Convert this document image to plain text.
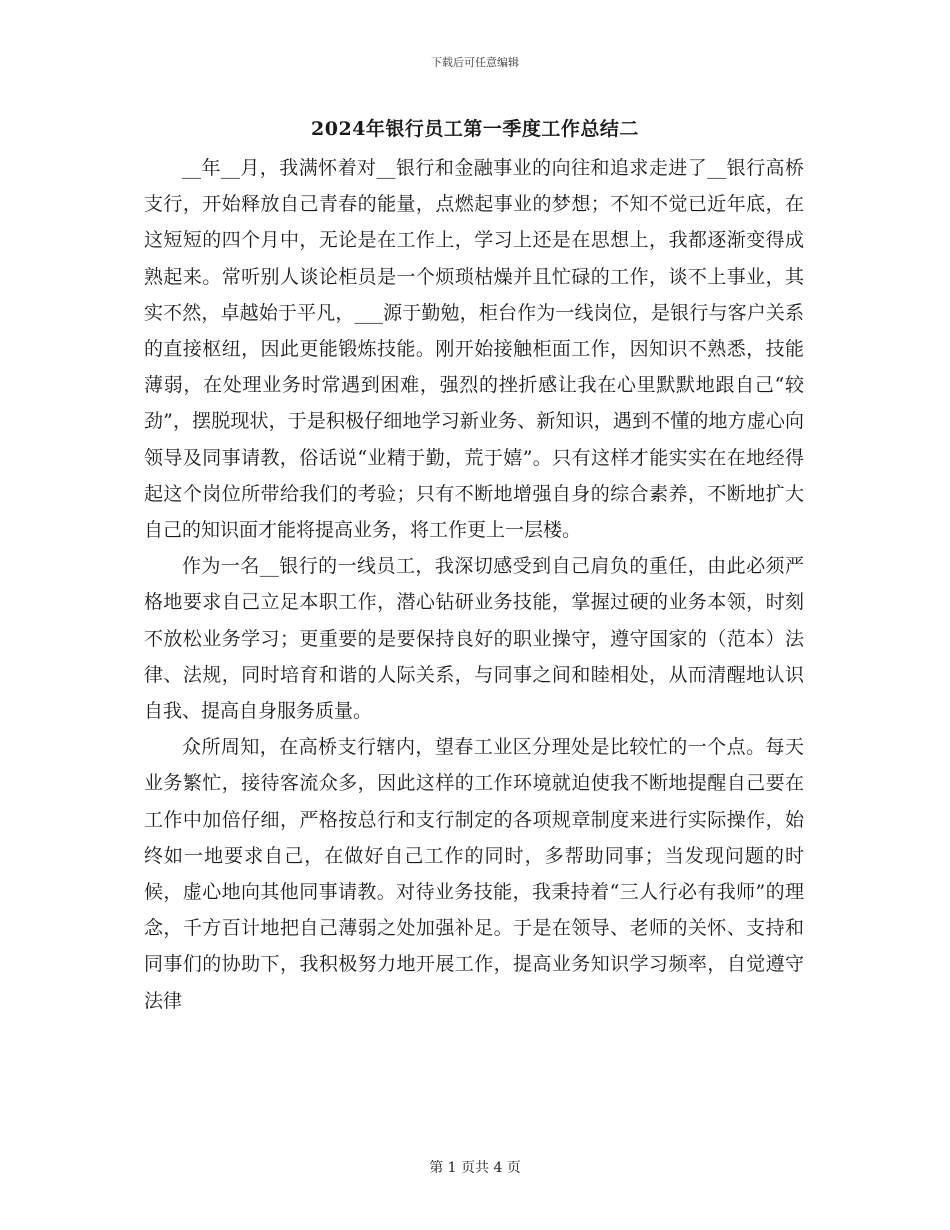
下载后可任意编辑
2024年银行员工第一季度工作总结二

__年__月，我满怀着对__银行和金融事业的向往和追求走进了__银行高桥支行，开始释放自己青春的能量，点燃起事业的梦想；不知不觉已近年底，在这短短的四个月中，无论是在工作上，学习上还是在思想上，我都逐渐变得成熟起来。常听别人谈论柜员是一个烦琐枯燥并且忙碌的工作，谈不上事业，其实不然，卓越始于平凡，___源于勤勉，柜台作为一线岗位，是银行与客户关系的直接枢纽，因此更能锻炼技能。刚开始接触柜面工作，因知识不熟悉，技能薄弱，在处理业务时常遇到困难，强烈的挫折感让我在心里默默地跟自己“较劲”，摆脱现状，于是积极仔细地学习新业务、新知识，遇到不懂的地方虚心向领导及同事请教，俗话说“业精于勤，荒于嬉”。只有这样才能实实在在地经得起这个岗位所带给我们的考验；只有不断地增强自身的综合素养，不断地扩大自己的知识面才能将提高业务，将工作更上一层楼。

作为一名__银行的一线员工，我深切感受到自己肩负的重任，由此必须严格地要求自己立足本职工作，潜心钻研业务技能，掌握过硬的业务本领，时刻不放松业务学习；更重要的是要保持良好的职业操守，遵守国家的（范本）法律、法规，同时培育和谐的人际关系，与同事之间和睦相处，从而清醒地认识自我、提高自身服务质量。

众所周知，在高桥支行辖内，望春工业区分理处是比较忙的一个点。每天业务繁忙，接待客流众多，因此这样的工作环境就迫使我不断地提醒自己要在工作中加倍仔细，严格按总行和支行制定的各项规章制度来进行实际操作，始终如一地要求自己，在做好自己工作的同时，多帮助同事；当发现问题的时候，虚心地向其他同事请教。对待业务技能，我秉持着“三人行必有我师”的理念，千方百计地把自己薄弱之处加强补足。于是在领导、老师的关怀、支持和同事们的协助下，我积极努力地开展工作，提高业务知识学习频率，自觉遵守法律

第 1 页共 4 页
